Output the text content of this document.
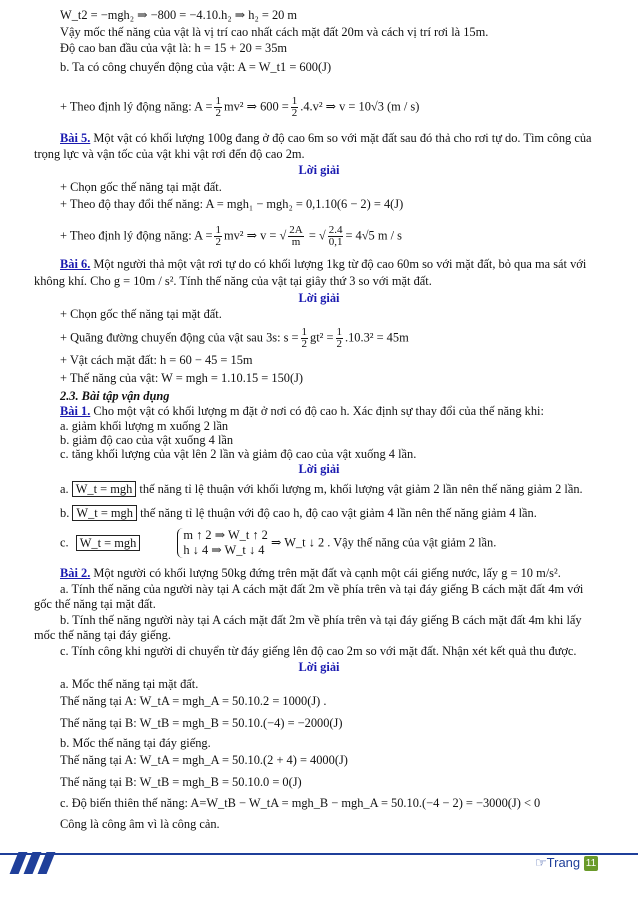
W_t2 = −mgh₂ ⇒ −800 = −4.10.h₂ ⇒ h₂ = 20 m
Vậy mốc thế năng của vật là vị trí cao nhất cách mặt đất 20m và cách vị trí rơi là 15m.
Độ cao ban đầu của vật là: h = 15 + 20 = 35m
b. Ta có công chuyển động của vật: A = W_t1 = 600(J)
+ Theo định lý động năng: $A = \frac{1}{2} mv^2$ ⇒ $600 = \frac{1}{2} .4.v^2$ ⇒ v = 10√3 (m / s)
Bài 5. Một vật có khối lượng 100g đang ở độ cao 6m so với mặt đất sau đó thả cho rơi tự do. Tìm công của
trọng lực và vận tốc của vật khi vật rơi đến độ cao 2m.
Lời giải
+ Chọn gốc thế năng tại mặt đất.
+ Theo độ thay đổi thế năng: A = mgh₁ − mgh₂ = 0,1.10(6 − 2) = 4(J)
+ Theo định lý động năng: $A = \frac{1}{2} mv^2$ ⇒ v = √ $\frac{2A}{m}$ = √ $\frac{2.4}{0,1} = 4√5$ m / s
Bài 6. Một người thả một vật rơi tự do có khối lượng 1kg từ độ cao 60m so với mặt đất, bỏ qua ma sát với
không khí. Cho g = 10m / s². Tính thế năng của vật tại giây thứ 3 so với mặt đất.
Lời giải
+ Chọn gốc thế năng tại mặt đất.
+ Quãng đường chuyển động của vật sau 3s: $s = \frac{1}{2} gt^2 = \frac{1}{2} .10.3^2 = 45m$
+ Vật cách mặt đất: h = 60 − 45 = 15m
+ Thế năng của vật: W = mgh = 1.10.15 = 150(J)
2.3. Bài tập vận dụng
Bài 1. Cho một vật có khối lượng m đặt ở nơi có độ cao h. Xác định sự thay đổi của thế năng khi:
a. giảm khối lượng m xuống 2 lần
b. giảm độ cao của vật xuống 4 lần
c. tăng khối lượng của vật lên 2 lần và giảm độ cao của vật xuống 4 lần.
Lời giải
a. W_t = mgh thế năng tỉ lệ thuận với khối lượng m, khối lượng vật giảm 2 lần nên thế năng giảm 2 lần.
b. W_t = mgh thế năng tỉ lệ thuận với độ cao h, độ cao vật giảm 4 lần nên thế năng giảm 4 lần.
c. W_t = mgh
m ↑ 2 ⇒ W_t ↑ 2
h ↓ 4 ⇒ W_t ↓ 4
⇒ W_t ↓ 2 . Vậy thế năng của vật giảm 2 lần.
Bài 2. Một người có khối lượng 50kg đứng trên mặt đất và cạnh một cái giếng nước, lấy g = 10 m/s².
a. Tính thế năng của người này tại A cách mặt đất 2m về phía trên và tại đáy giếng B cách mặt đất 4m với
gốc thế năng tại mặt đất.
b. Tính thế năng người này tại A cách mặt đất 2m về phía trên và tại đáy giếng B cách mặt đất 4m khi lấy
mốc thế năng tại đáy giếng.
c. Tính công khi người di chuyển từ đáy giếng lên độ cao 2m so với mặt đất. Nhận xét kết quả thu được.
Lời giải
a. Mốc thế năng tại mặt đất.
Thế năng tại A: W_tA = mgh_A = 50.10.2 = 1000(J) .
Thế năng tại B: W_tB = mgh_B = 50.10.(−4) = −2000(J)
b. Mốc thế năng tại đáy giếng.
Thế năng tại A: W_tA = mgh_A = 50.10.(2 + 4) = 4000(J)
Thế năng tại B: W_tB = mgh_B = 50.10.0 = 0(J)
c. Độ biến thiên thế năng: A=W_tB − W_tA = mgh_B − mgh_A = 50.10.(−4 − 2) = −3000(J) < 0
Công là công âm vì là công cản.
☞Trang 11
